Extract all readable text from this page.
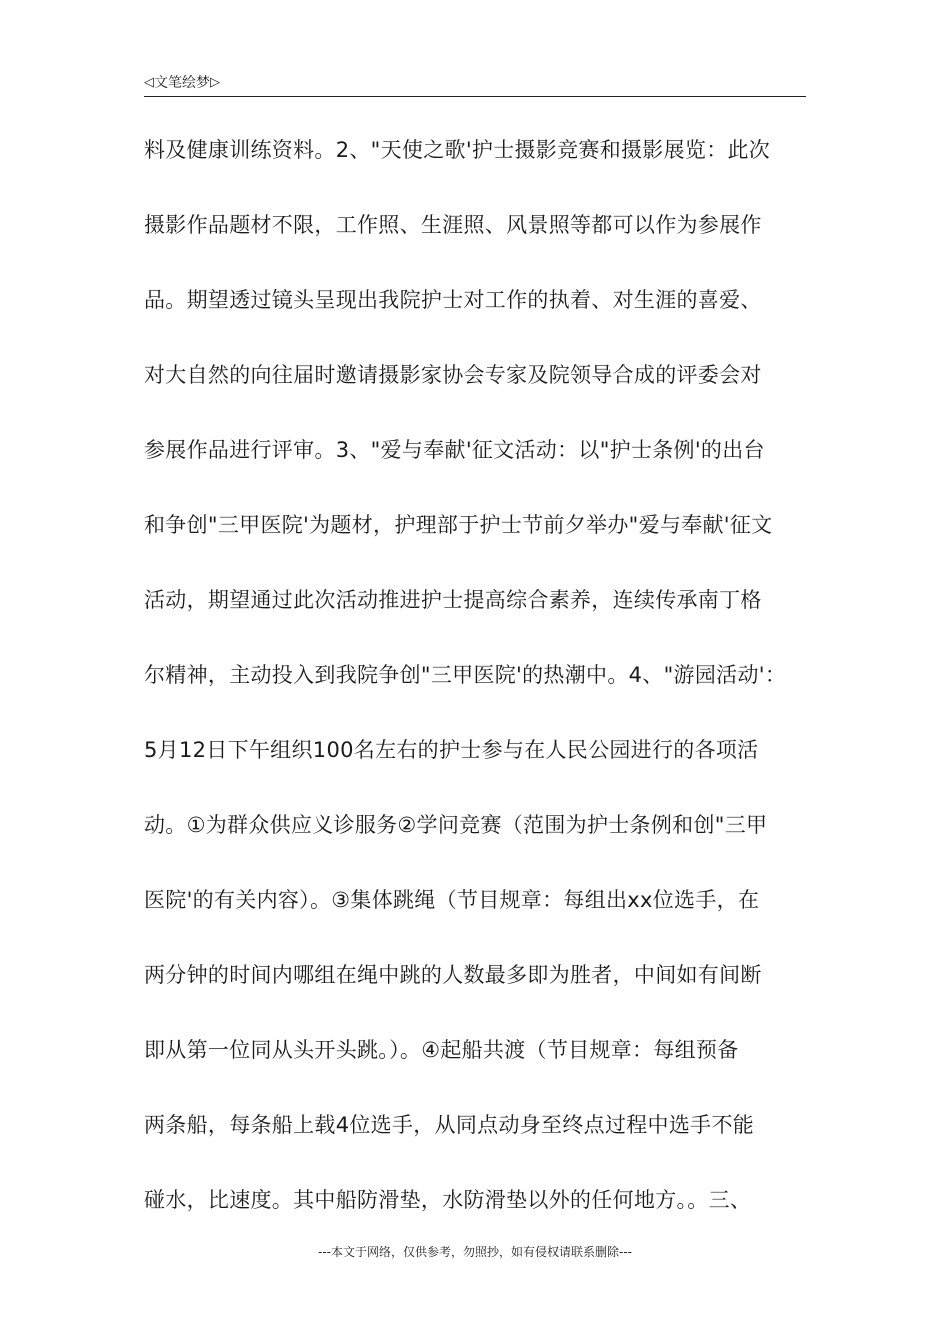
◁文笔绘梦▷
料及健康训练资料。2、"天使之歌'护士摄影竞赛和摄影展览：此次
摄影作品题材不限，工作照、生涯照、风景照等都可以作为参展作
品。期望透过镜头呈现出我院护士对工作的执着、对生涯的喜爱、
对大自然的向往届时邀请摄影家协会专家及院领导合成的评委会对
参展作品进行评审。3、"爱与奉献'征文活动：以"护士条例'的出台
和争创"三甲医院'为题材，护理部于护士节前夕举办"爱与奉献'征文
活动，期望通过此次活动推进护士提高综合素养，连续传承南丁格
尔精神，主动投入到我院争创"三甲医院'的热潮中。4、"游园活动'：
5月12日下午组织100名左右的护士参与在人民公园进行的各项活
动。①为群众供应义诊服务②学问竞赛（范围为护士条例和创"三甲
医院'的有关内容）。③集体跳绳（节目规章：每组出xx位选手，在
两分钟的时间内哪组在绳中跳的人数最多即为胜者，中间如有间断
即从第一位同从头开头跳。）。④起船共渡（节目规章：每组预备
两条船，每条船上载4位选手，从同点动身至终点过程中选手不能
碰水，比速度。其中船防滑垫，水防滑垫以外的任何地方。。三、
---本文于网络，仅供参考，勿照抄，如有侵权请联系删除---
